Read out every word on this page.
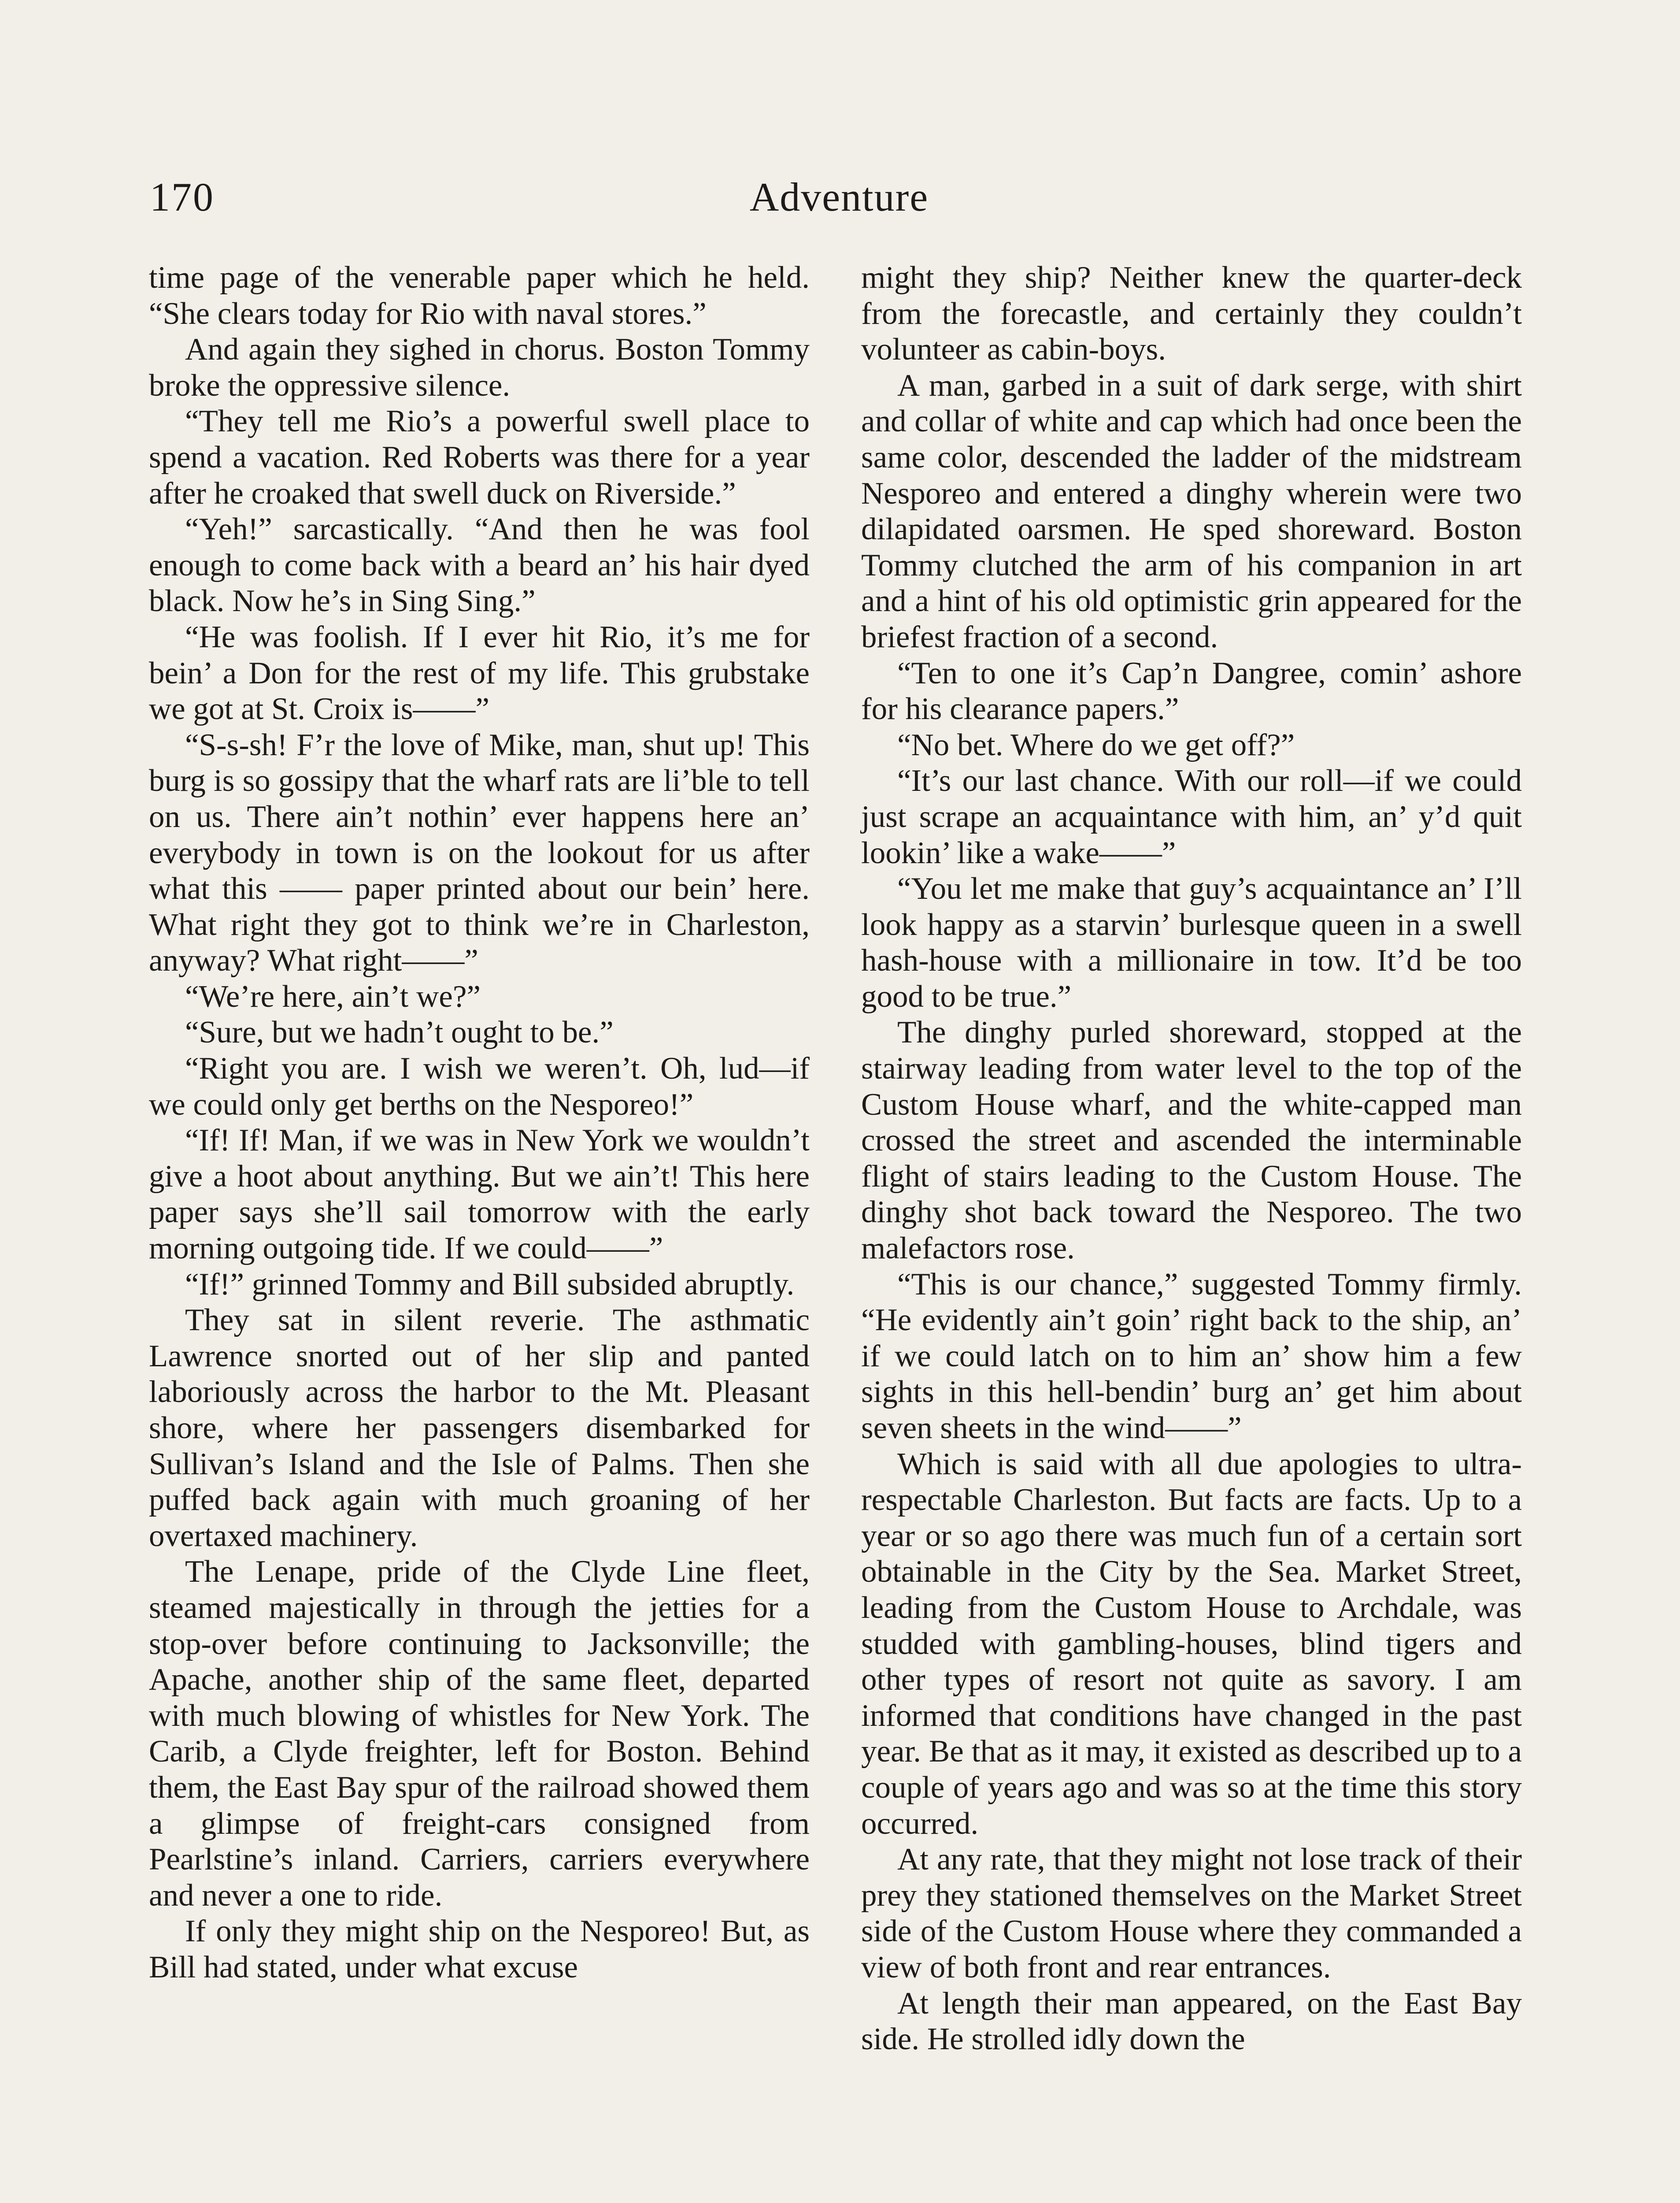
170	Adventure

time page of the venerable paper which he held. “She clears today for Rio with naval stores.”

And again they sighed in chorus. Boston Tommy broke the oppressive silence.

“They tell me Rio’s a powerful swell place to spend a vacation. Red Roberts was there for a year after he croaked that swell duck on Riverside.”

“Yeh!” sarcastically. “And then he was fool enough to come back with a beard an’ his hair dyed black. Now he’s in Sing Sing.”

“He was foolish. If I ever hit Rio, it’s me for bein’ a Don for the rest of my life. This grubstake we got at St. Croix is——”

“S-s-sh! F’r the love of Mike, man, shut up! This burg is so gossipy that the wharf rats are li’ble to tell on us. There ain’t nothin’ ever happens here an’ everybody in town is on the lookout for us after what this —— paper printed about our bein’ here. What right they got to think we’re in Charleston, anyway? What right——”

“We’re here, ain’t we?”

“Sure, but we hadn’t ought to be.”

“Right you are. I wish we weren’t. Oh, lud—if we could only get berths on the Nesporeo!”

“If! If! Man, if we was in New York we wouldn’t give a hoot about anything. But we ain’t! This here paper says she’ll sail tomorrow with the early morning outgoing tide. If we could——”

“If!” grinned Tommy and Bill subsided abruptly.

They sat in silent reverie. The asthmatic Lawrence snorted out of her slip and panted laboriously across the harbor to the Mt. Pleasant shore, where her passengers disembarked for Sullivan’s Island and the Isle of Palms. Then she puffed back again with much groaning of her overtaxed machinery.

The Lenape, pride of the Clyde Line fleet, steamed majestically in through the jetties for a stop-over before continuing to Jacksonville; the Apache, another ship of the same fleet, departed with much blowing of whistles for New York. The Carib, a Clyde freighter, left for Boston. Behind them, the East Bay spur of the railroad showed them a glimpse of freight-cars consigned from Pearlstine’s inland. Carriers, carriers everywhere and never a one to ride.

If only they might ship on the Nesporeo! But, as Bill had stated, under what excuse

might they ship? Neither knew the quarter-deck from the forecastle, and certainly they couldn’t volunteer as cabin-boys.

A man, garbed in a suit of dark serge, with shirt and collar of white and cap which had once been the same color, descended the ladder of the midstream Nesporeo and entered a dinghy wherein were two dilapidated oarsmen. He sped shoreward. Boston Tommy clutched the arm of his companion in art and a hint of his old optimistic grin appeared for the briefest fraction of a second.

“Ten to one it’s Cap’n Dangree, comin’ ashore for his clearance papers.”

“No bet. Where do we get off?”

“It’s our last chance. With our roll—if we could just scrape an acquaintance with him, an’ y’d quit lookin’ like a wake——”

“You let me make that guy’s acquaintance an’ I’ll look happy as a starvin’ burlesque queen in a swell hash-house with a millionaire in tow. It’d be too good to be true.”

The dinghy purled shoreward, stopped at the stairway leading from water level to the top of the Custom House wharf, and the white-capped man crossed the street and ascended the interminable flight of stairs leading to the Custom House. The dinghy shot back toward the Nesporeo. The two malefactors rose.

“This is our chance,” suggested Tommy firmly. “He evidently ain’t goin’ right back to the ship, an’ if we could latch on to him an’ show him a few sights in this hell-bendin’ burg an’ get him about seven sheets in the wind——”

Which is said with all due apologies to ultra-respectable Charleston. But facts are facts. Up to a year or so ago there was much fun of a certain sort obtainable in the City by the Sea. Market Street, leading from the Custom House to Archdale, was studded with gambling-houses, blind tigers and other types of resort not quite as savory. I am informed that conditions have changed in the past year. Be that as it may, it existed as described up to a couple of years ago and was so at the time this story occurred.

At any rate, that they might not lose track of their prey they stationed themselves on the Market Street side of the Custom House where they commanded a view of both front and rear entrances.

At length their man appeared, on the East Bay side. He strolled idly down the
